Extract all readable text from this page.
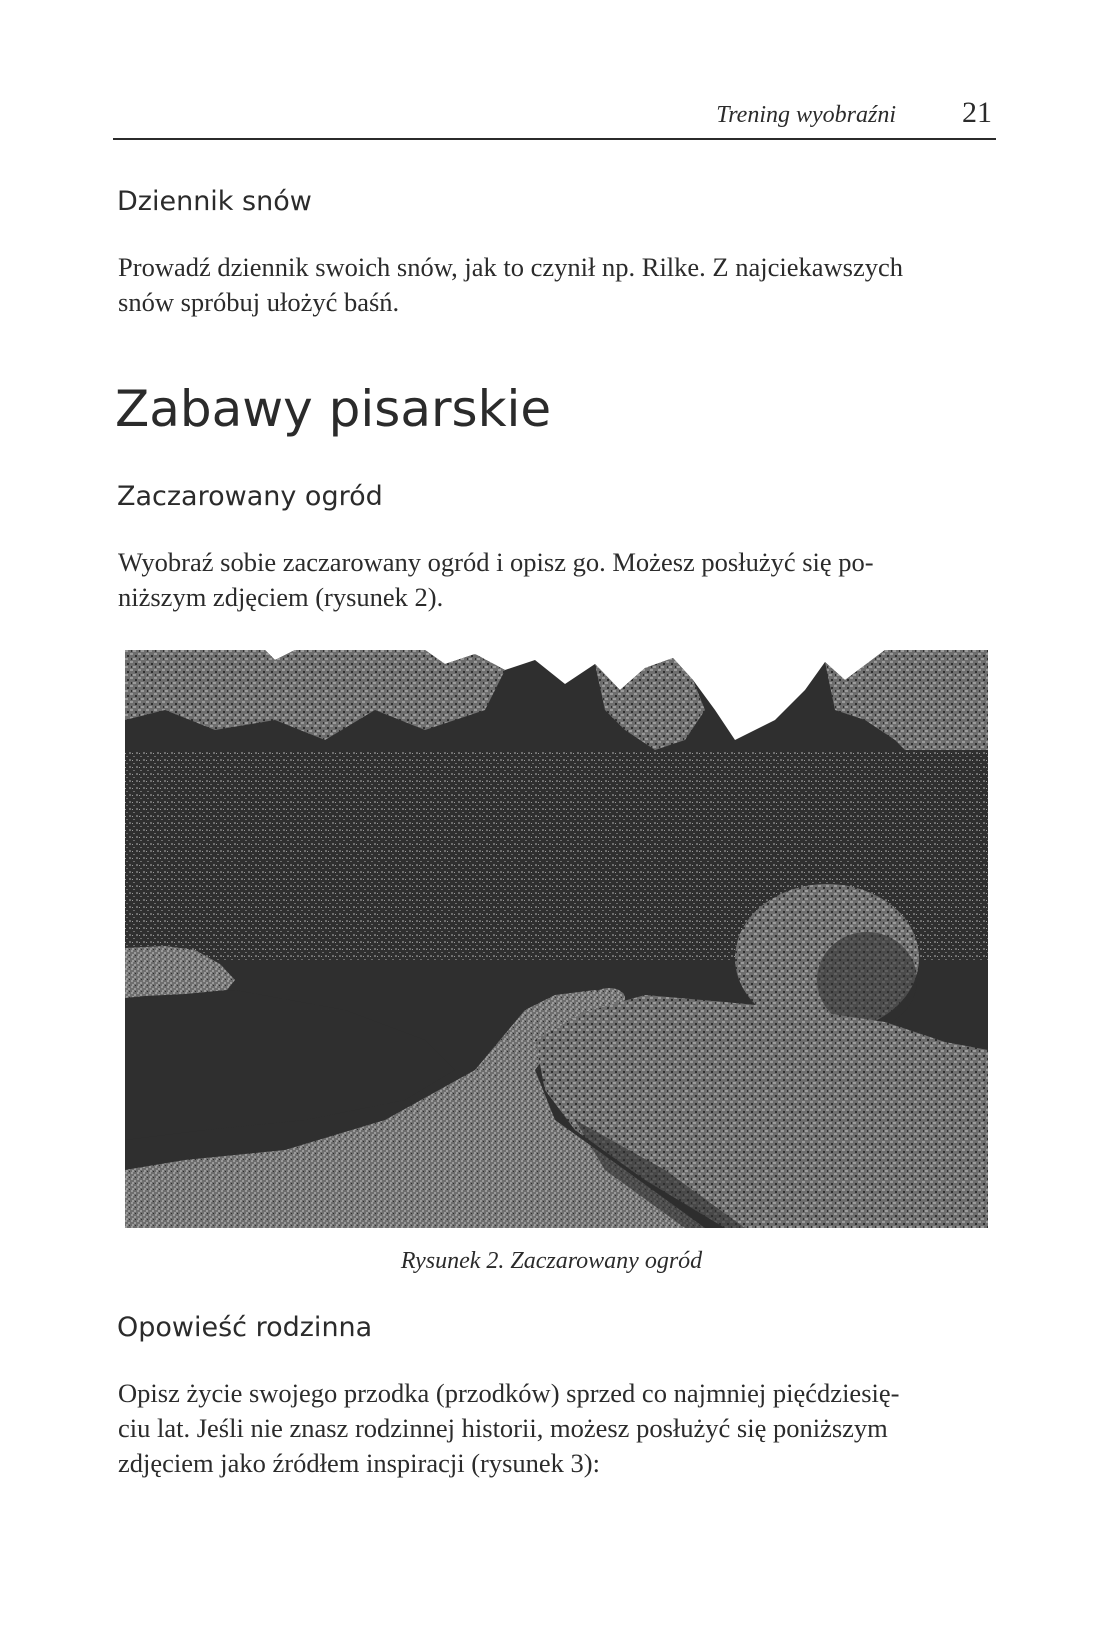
Trening wyobraźni 21
Dziennik snów

Prowadź dziennik swoich snów, jak to czynił np. Rilke. Z najciekawszych
snów spróbuj ułożyć baśń.

Zabawy pisarskie
Zaczarowany ogród

Wyobraź sobie zaczarowany ogród i opisz go. Możesz posłużyć się po-
niższym zdjęciem (rysunek 2).

Rysunek 2. Zaczarowany ogród
Opowieść rodzinna

Opisz życie swojego przodka (przodków) sprzed co najmniej pięćdziesię-
ciu lat. Jeśli nie znasz rodzinnej historii, możesz posłużyć się poniższym
zdjęciem jako źródłem inspiracji (rysunek 3):
